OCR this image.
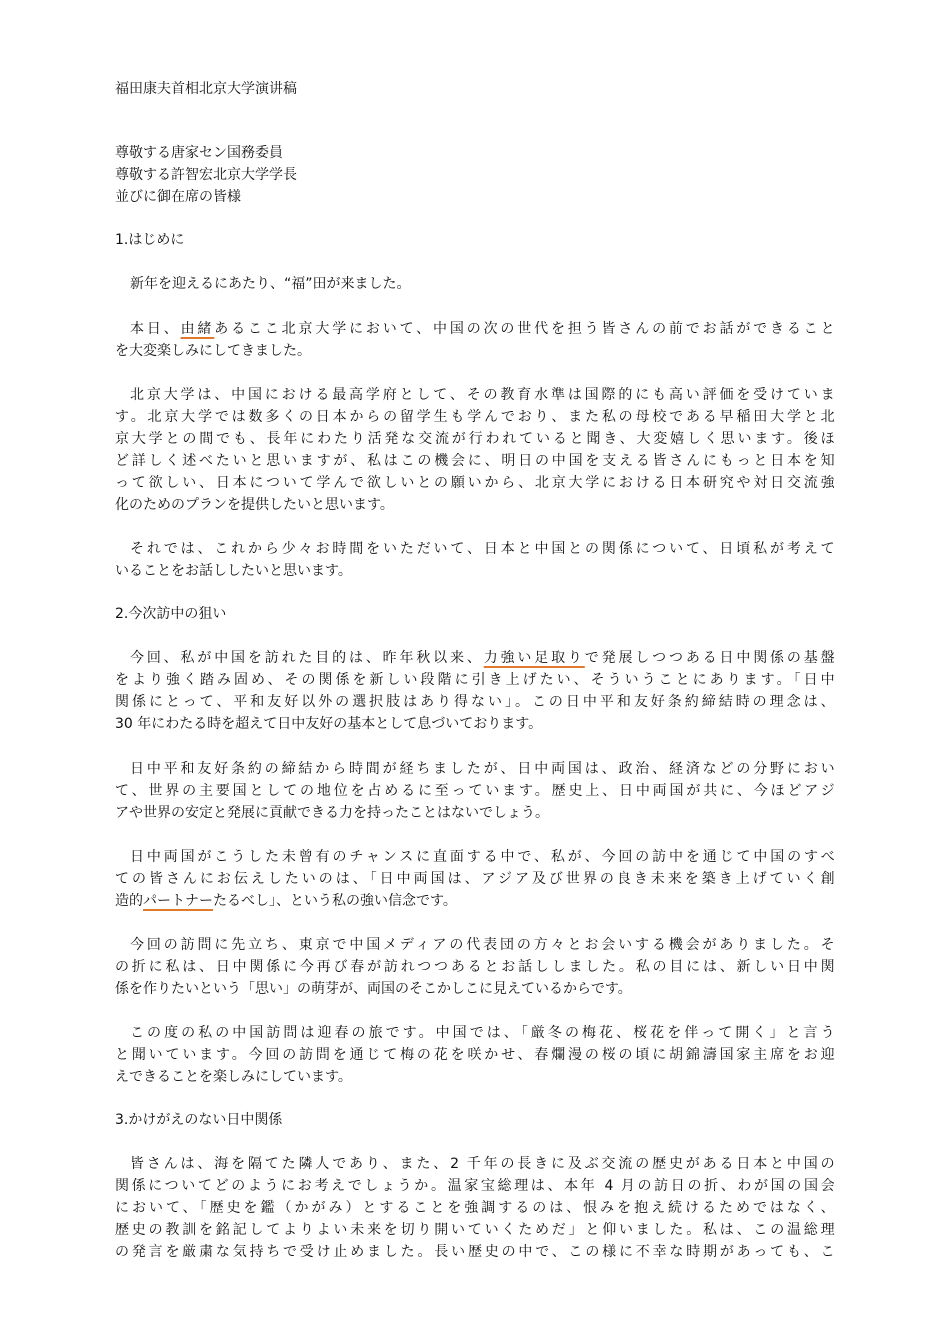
福田康夫首相北京大学演讲稿

尊敬する唐家セン国務委員

尊敬する許智宏北京大学学長

並びに御在席の皆様

1.はじめに

新年を迎えるにあたり、“福”田が来ました。

本日、由緒あるここ北京大学において、中国の次の世代を担う皆さんの前でお話ができること

を大変楽しみにしてきました。

北京大学は、中国における最高学府として、その教育水準は国際的にも高い評価を受けていま

す。北京大学では数多くの日本からの留学生も学んでおり、また私の母校である早稲田大学と北

京大学との間でも、長年にわたり活発な交流が行われていると聞き、大変嬉しく思います。後ほ

ど詳しく述べたいと思いますが、私はこの機会に、明日の中国を支える皆さんにもっと日本を知

って欲しい、日本について学んで欲しいとの願いから、北京大学における日本研究や対日交流強

化のためのプランを提供したいと思います。

それでは、これから少々お時間をいただいて、日本と中国との関係について、日頃私が考えて

いることをお話ししたいと思います。

2.今次訪中の狙い

今回、私が中国を訪れた目的は、昨年秋以来、力強い足取りで発展しつつある日中関係の基盤

をより強く踏み固め、その関係を新しい段階に引き上げたい、そういうことにあります。「日中

関係にとって、平和友好以外の選択肢はあり得ない」。この日中平和友好条約締結時の理念は、

30 年にわたる時を超えて日中友好の基本として息づいております。

日中平和友好条約の締結から時間が経ちましたが、日中両国は、政治、経済などの分野におい

て、世界の主要国としての地位を占めるに至っています。歴史上、日中両国が共に、今ほどアジ

アや世界の安定と発展に貢献できる力を持ったことはないでしょう。

日中両国がこうした未曾有のチャンスに直面する中で、私が、今回の訪中を通じて中国のすべ

ての皆さんにお伝えしたいのは、「日中両国は、アジア及び世界の良き未来を築き上げていく創

造的パートナーたるべし」、という私の強い信念です。

今回の訪問に先立ち、東京で中国メディアの代表団の方々とお会いする機会がありました。そ

の折に私は、日中関係に今再び春が訪れつつあるとお話ししました。私の目には、新しい日中関

係を作りたいという「思い」の萌芽が、両国のそこかしこに見えているからです。

この度の私の中国訪問は迎春の旅です。中国では、「厳冬の梅花、桜花を伴って開く」と言う

と聞いています。今回の訪問を通じて梅の花を咲かせ、春爛漫の桜の頃に胡錦濤国家主席をお迎

えできることを楽しみにしています。

3.かけがえのない日中関係

皆さんは、海を隔てた隣人であり、また、2 千年の長きに及ぶ交流の歴史がある日本と中国の

関係についてどのようにお考えでしょうか。温家宝総理は、本年 4 月の訪日の折、わが国の国会

において、「歴史を鑑（かがみ）とすることを強調するのは、恨みを抱え続けるためではなく、

歴史の教訓を銘記してよりよい未来を切り開いていくためだ」と仰いました。私は、この温総理

の発言を厳粛な気持ちで受け止めました。長い歴史の中で、この様に不幸な時期があっても、こ
